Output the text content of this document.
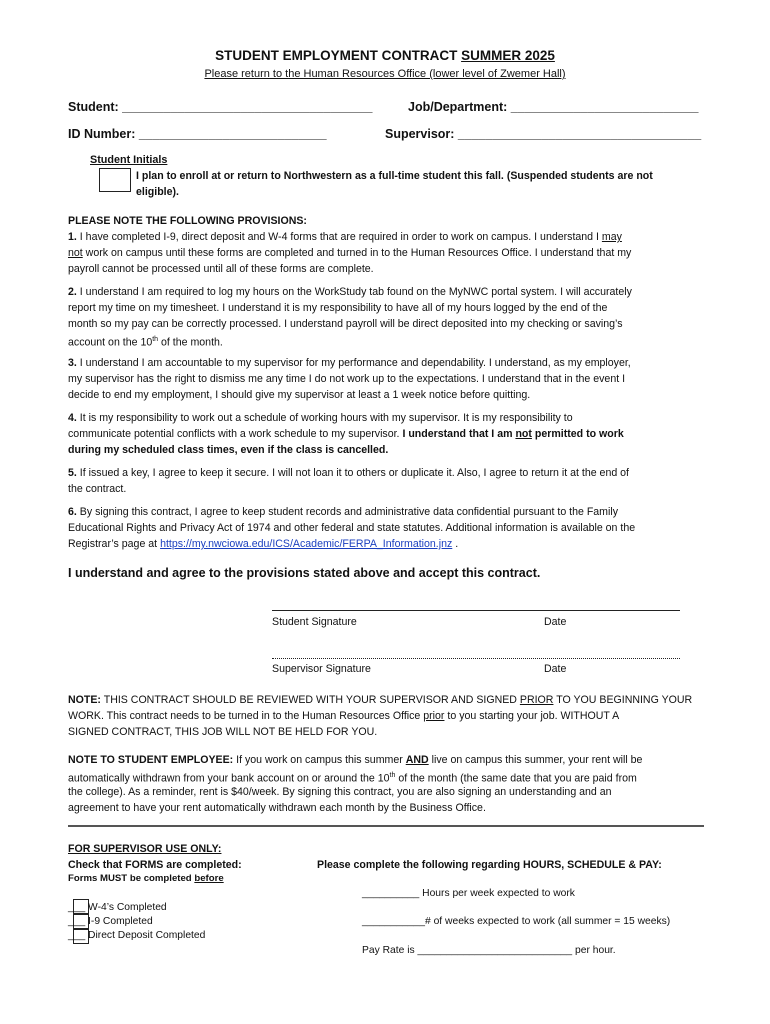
STUDENT EMPLOYMENT CONTRACT SUMMER 2025
Please return to the Human Resources Office (lower level of Zwemer Hall)
Student: ____________________________________	Job/Department: ___________________________
ID Number: ___________________________	Supervisor: ___________________________________
Student Initials
I plan to enroll at or return to Northwestern as a full-time student this fall. (Suspended students are not
eligible).
PLEASE NOTE THE FOLLOWING PROVISIONS:
1. I have completed I-9, direct deposit and W-4 forms that are required in order to work on campus. I understand I may
not work on campus until these forms are completed and turned in to the Human Resources Office. I understand that my
payroll cannot be processed until all of these forms are complete.
2. I understand I am required to log my hours on the WorkStudy tab found on the MyNWC portal system. I will accurately
report my time on my timesheet. I understand it is my responsibility to have all of my hours logged by the end of the
month so my pay can be correctly processed. I understand payroll will be direct deposited into my checking or saving’s
account on the 10th of the month.
3. I understand I am accountable to my supervisor for my performance and dependability. I understand, as my employer,
my supervisor has the right to dismiss me any time I do not work up to the expectations. I understand that in the event I
decide to end my employment, I should give my supervisor at least a 1 week notice before quitting.
4. It is my responsibility to work out a schedule of working hours with my supervisor. It is my responsibility to
communicate potential conflicts with a work schedule to my supervisor. I understand that I am not permitted to work
during my scheduled class times, even if the class is cancelled.
5. If issued a key, I agree to keep it secure. I will not loan it to others or duplicate it. Also, I agree to return it at the end of
the contract.
6. By signing this contract, I agree to keep student records and administrative data confidential pursuant to the Family
Educational Rights and Privacy Act of 1974 and other federal and state statutes. Additional information is available on the
Registrar’s page at https://my.nwciowa.edu/ICS/Academic/FERPA_Information.jnz .
I understand and agree to the provisions stated above and accept this contract.
Student Signature	Date
Supervisor Signature	Date
NOTE: THIS CONTRACT SHOULD BE REVIEWED WITH YOUR SUPERVISOR AND SIGNED PRIOR TO YOU BEGINNING YOUR
WORK. This contract needs to be turned in to the Human Resources Office prior to you starting your job. WITHOUT A
SIGNED CONTRACT, THIS JOB WILL NOT BE HELD FOR YOU.
NOTE TO STUDENT EMPLOYEE: If you work on campus this summer AND live on campus this summer, your rent will be
automatically withdrawn from your bank account on or around the 10th of the month (the same date that you are paid from
the college). As a reminder, rent is $40/week. By signing this contract, you are also signing an understanding and an
agreement to have your rent automatically withdrawn each month by the Business Office.
FOR SUPERVISOR USE ONLY:
Check that FORMS are completed:
Forms MUST be completed before
Please complete the following regarding HOURS, SCHEDULE & PAY:
___ W-4’s Completed
___ I-9 Completed
___ Direct Deposit Completed
__________ Hours per week expected to work
___________# of weeks expected to work (all summer = 15 weeks)
Pay Rate is ___________________________ per hour.
